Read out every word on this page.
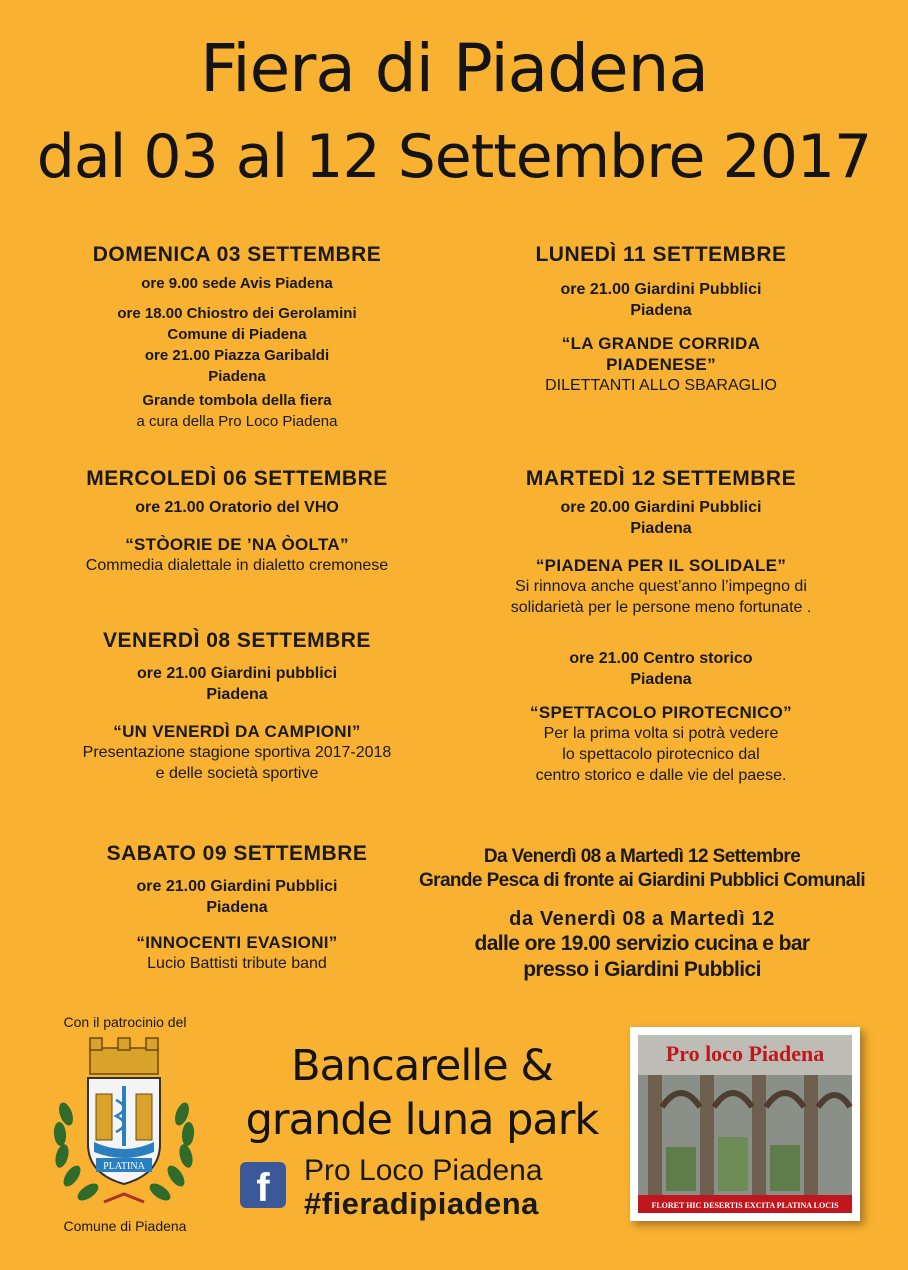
Fiera di Piadena
dal 03 al 12 Settembre 2017
DOMENICA 03 SETTEMBRE
ore 9.00 sede Avis Piadena
ore 18.00 Chiostro dei Gerolamini
Comune di Piadena
ore 21.00 Piazza Garibaldi
Piadena
Grande tombola della fiera
a cura della Pro Loco Piadena
MERCOLEDÌ 06 SETTEMBRE
ore 21.00 Oratorio del VHO
“STÒORIE DE ’NA ÒOLTA”
Commedia dialettale in dialetto cremonese
VENERDÌ 08 SETTEMBRE
ore 21.00 Giardini pubblici
Piadena
“UN VENERDÌ DA CAMPIONI”
Presentazione stagione sportiva 2017-2018
e delle società sportive
SABATO 09 SETTEMBRE
ore 21.00 Giardini Pubblici
Piadena
“INNOCENTI EVASIONI”
Lucio Battisti tribute band
LUNEDÌ 11 SETTEMBRE
ore 21.00 Giardini Pubblici
Piadena
“LA GRANDE CORRIDA
PIADENESE”
DILETTANTI ALLO SBARAGLIO
MARTEDÌ 12 SETTEMBRE
ore 20.00 Giardini Pubblici
Piadena
“PIADENA PER IL SOLIDALE”
Si rinnova anche quest’anno l’impegno di
solidarietà per le persone meno fortunate .
ore 21.00 Centro storico
Piadena
“SPETTACOLO PIROTECNICO”
Per la prima volta si potrà vedere
lo spettacolo pirotecnico dal
centro storico e dalle vie del paese.
Da Venerdì 08 a Martedì 12 Settembre
Grande Pesca di fronte ai Giardini Pubblici Comunali
da Venerdì 08 a Martedì 12
dalle ore 19.00 servizio cucina e bar
presso i Giardini Pubblici
Con il patrocinio del
PLATINA
Comune di Piadena
Bancarelle &
grande luna park
f	Pro Loco Piadena
#fieradipiadena	FLORET HIC DESERTIS EXCITA PLATINA LOCIS
Pro loco Piadena
